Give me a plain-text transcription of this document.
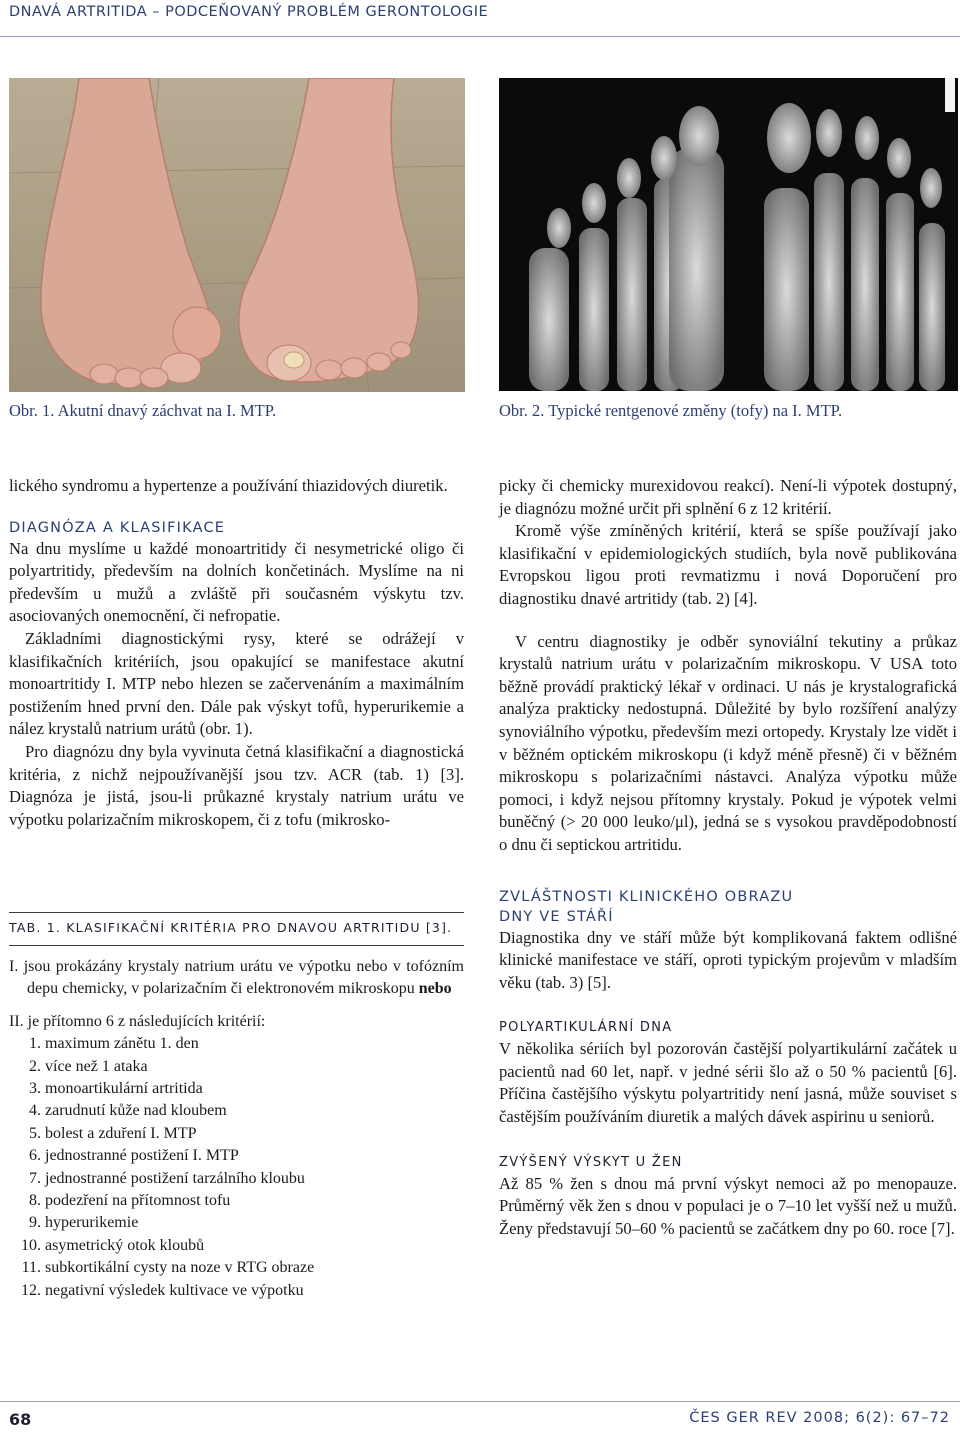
DNAVÁ ARTRITIDA – PODCEŇOVANÝ PROBLÉM GERONTOLOGIE
Obr. 1. Akutní dnavý záchvat na I. MTP.	Obr. 2. Typické rentgenové změny (tofy) na I. MTP.

lického syndromu a hypertenze a používání thiazidových diuretik.

DIAGNÓZA A KLASIFIKACE

Na dnu myslíme u každé monoartritidy či nesymetrické oligo či polyartritidy, především na dolních končetinách. Myslíme na ni především u mužů a zvláště při současném výskytu tzv. asociovaných onemocnění, či nefropatie.

Základními diagnostickými rysy, které se odrážejí v klasifikačních kritériích, jsou opakující se manifestace akutní monoartritidy I. MTP nebo hlezen se začervenáním a maximálním postižením hned první den. Dále pak výskyt tofů, hyperurikemie a nález krystalů natrium urátů (obr. 1).

Pro diagnózu dny byla vyvinuta četná klasifikační a diagnostická kritéria, z nichž nejpoužívanější jsou tzv. ACR (tab. 1) [3]. Diagnóza je jistá, jsou-li průkazné krystaly natrium urátu ve výpotku polarizačním mikroskopem, či z tofu (mikrosko-

TAB. 1. KLASIFIKAČNÍ KRITÉRIA PRO DNAVOU ARTRITIDU [3].
I. jsou prokázány krystaly natrium urátu ve výpotku nebo v tofózním depu chemicky, v polarizačním či elektronovém mikroskopu nebo
II. je přítomno 6 z následujících kritérií:
1. maximum zánětu 1. den
2. více než 1 ataka
3. monoartikulární artritida
4. zarudnutí kůže nad kloubem
5. bolest a zduření I. MTP
6. jednostranné postižení I. MTP
7. jednostranné postižení tarzálního kloubu
8. podezření na přítomnost tofu
9. hyperurikemie
10. asymetrický otok kloubů
11. subkortikální cysty na noze v RTG obraze
12. negativní výsledek kultivace ve výpotku

picky či chemicky murexidovou reakcí). Není-li výpotek dostupný, je diagnózu možné určit při splnění 6 z 12 kritérií.

Kromě výše zmíněných kritérií, která se spíše používají jako klasifikační v epidemiologických studiích, byla nově publikována Evropskou ligou proti revmatizmu i nová Doporučení pro diagnostiku dnavé artritidy (tab. 2) [4].

V centru diagnostiky je odběr synoviální tekutiny a průkaz krystalů natrium urátu v polarizačním mikroskopu. V USA toto běžně provádí praktický lékař v ordinaci. U nás je krystalografická analýza prakticky nedostupná. Důležité by bylo rozšíření analýzy synoviálního výpotku, především mezi ortopedy. Krystaly lze vidět i v běžném optickém mikroskopu (i když méně přesně) či v běžném mikroskopu s polarizačními nástavci. Analýza výpotku může pomoci, i když nejsou přítomny krystaly. Pokud je výpotek velmi buněčný (> 20 000 leuko/μl), jedná se s vysokou pravděpodobností o dnu či septickou artritidu.

ZVLÁŠTNOSTI KLINICKÉHO OBRAZU
DNY VE STÁŘÍ

Diagnostika dny ve stáří může být komplikovaná faktem odlišné klinické manifestace ve stáří, oproti typickým projevům v mladším věku (tab. 3) [5].

POLYARTIKULÁRNÍ DNA

V několika sériích byl pozorován častější polyartikulární začátek u pacientů nad 60 let, např. v jedné sérii šlo až o 50 % pacientů [6]. Příčina častějšího výskytu polyartritidy není jasná, může souviset s častějším používáním diuretik a malých dávek aspirinu u seniorů.

ZVÝŠENÝ VÝSKYT U ŽEN

Až 85 % žen s dnou má první výskyt nemoci až po menopauze. Průměrný věk žen s dnou v populaci je o 7–10 let vyšší než u mužů. Ženy představují 50–60 % pacientů se začátkem dny po 60. roce [7].

68	ČES GER REV 2008; 6(2): 67–72
